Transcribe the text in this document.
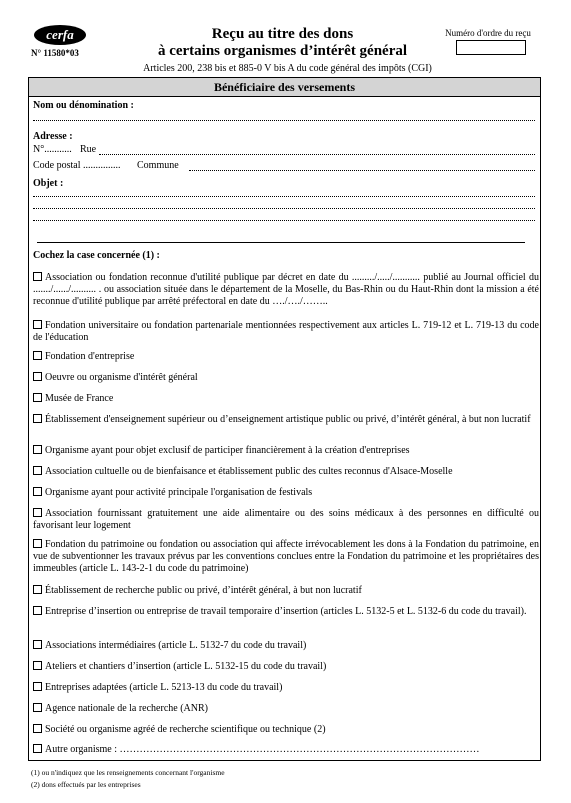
cerfa
N° 11580*03
Reçu au titre des dons
à certains organismes d’intérêt général
Articles 200, 238 bis et 885-0 V bis A du code général des impôts (CGI)
Numéro d'ordre du reçu
Bénéficiaire des versements
Nom ou dénomination :
Adresse :
N°........... Rue
Code postal ............... Commune
Objet :
Cochez la case concernée (1) :
Association ou fondation reconnue d'utilité publique par décret en date du ........./...../........... publié au Journal officiel du ......./....../.......... . ou association située dans le département de la Moselle, du Bas-Rhin ou du Haut-Rhin dont la mission a été reconnue d'utilité publique par arrêté préfectoral en date du …./…./……..
Fondation universitaire ou fondation partenariale mentionnées respectivement aux articles L. 719-12 et L. 719-13 du code de l'éducation
Fondation d'entreprise
Oeuvre ou organisme d'intérêt général
Musée de France
Établissement d'enseignement supérieur ou d’enseignement artistique public ou privé, d’intérêt général, à but non lucratif
Organisme ayant pour objet exclusif de participer financièrement à la création d'entreprises
Association cultuelle ou de bienfaisance et établissement public des cultes reconnus d'Alsace-Moselle
Organisme ayant pour activité principale l'organisation de festivals
Association fournissant gratuitement une aide alimentaire ou des soins médicaux à des personnes en difficulté ou favorisant leur logement
Fondation du patrimoine ou fondation ou association qui affecte irrévocablement les dons à la Fondation du patrimoine, en vue de subventionner les travaux prévus par les conventions conclues entre la Fondation du patrimoine et les propriétaires des immeubles (article L. 143-2-1 du code du patrimoine)
Établissement de recherche public ou privé, d’intérêt général, à but non lucratif
Entreprise d’insertion ou entreprise de travail temporaire d’insertion (articles L. 5132-5 et L. 5132-6 du code du travail).
Associations intermédiaires (article L. 5132-7 du code du travail)
Ateliers et chantiers d’insertion (article L. 5132-15 du code du travail)
Entreprises adaptées (article L. 5213-13 du code du travail)
Agence nationale de la recherche (ANR)
Société ou organisme agréé de recherche scientifique ou technique (2)
Autre organisme : ………………………………………………………………………………………………
(1) ou n'indiquez que les renseignements concernant l'organisme
(2) dons effectués par les entreprises
